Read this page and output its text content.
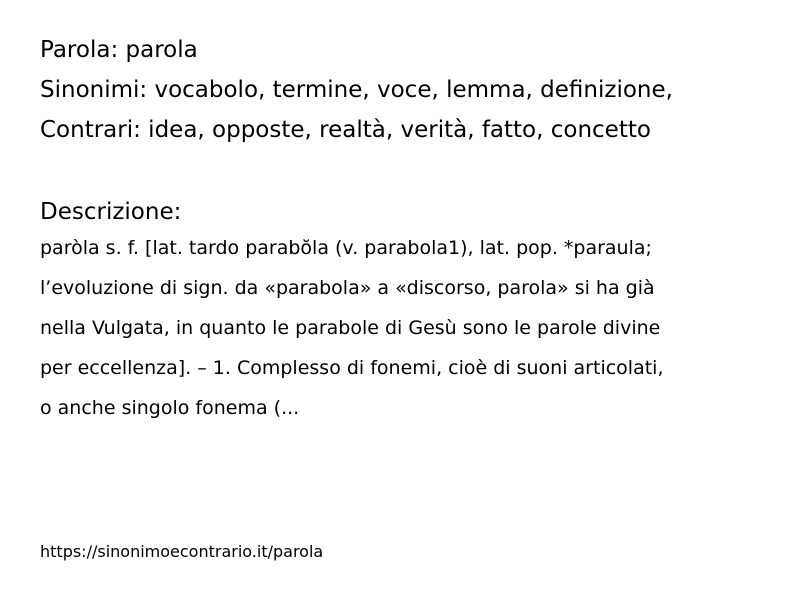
Parola: parola
Sinonimi: vocabolo, termine, voce, lemma, definizione,
Contrari: idea, opposte, realtà, verità, fatto, concetto
Descrizione:
paròla s. f. [lat. tardo parabŏla (v. parabola1), lat. pop. *paraula;
l’evoluzione di sign. da «parabola» a «discorso, parola» si ha già
nella Vulgata, in quanto le parabole di Gesù sono le parole divine
per eccellenza]. – 1. Complesso di fonemi, cioè di suoni articolati,
o anche singolo fonema (...
https://sinonimoecontrario.it/parola
